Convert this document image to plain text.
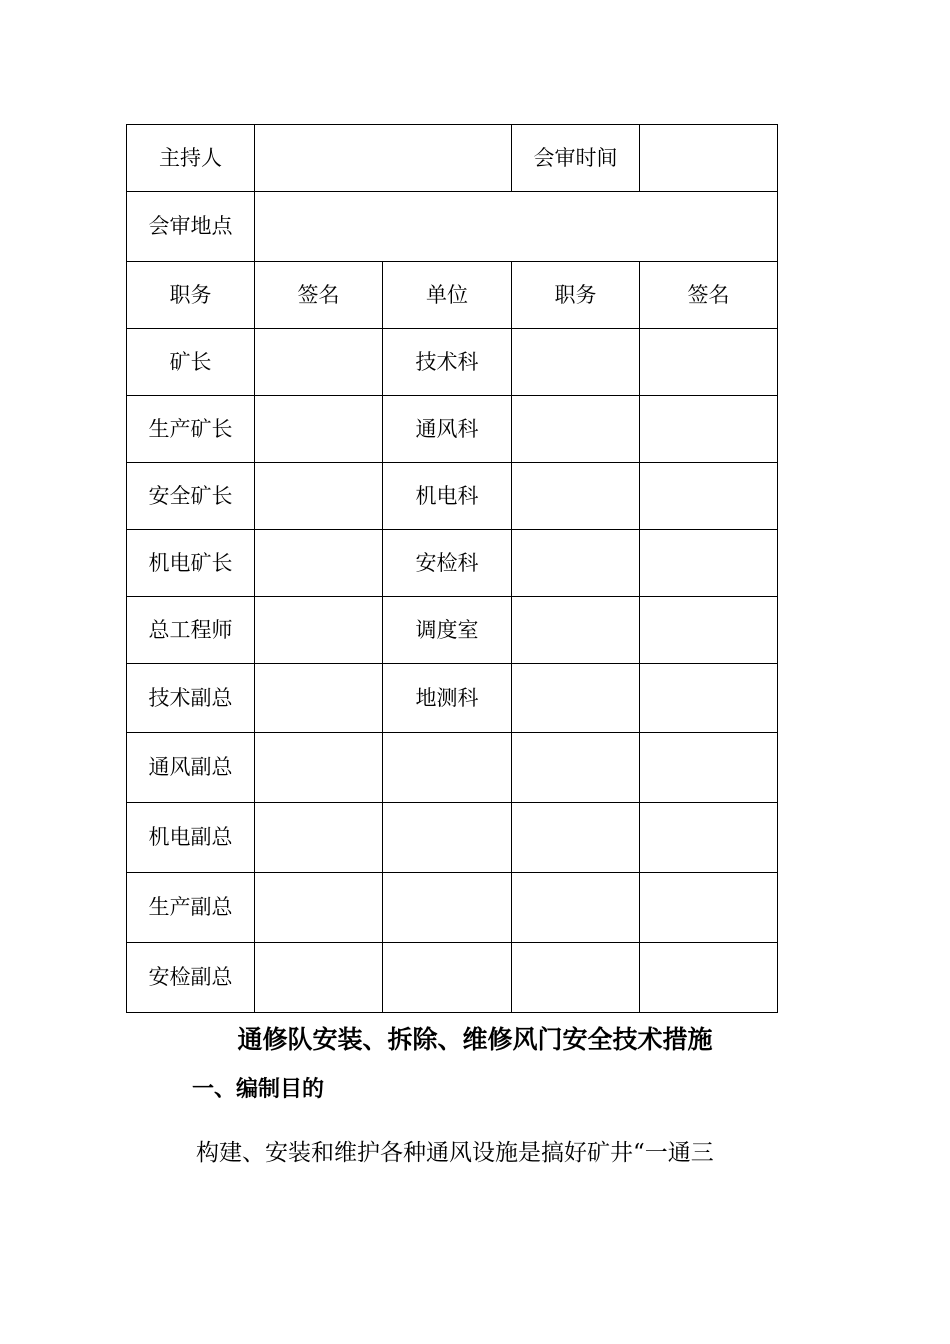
主持人			会审时间	
会审地点				
职务	签名	单位	职务	签名
矿长		技术科		
生产矿长		通风科		
安全矿长		机电科		
机电矿长		安检科		
总工程师		调度室		
技术副总		地测科		
通风副总				
机电副总				
生产副总				
安检副总				
通修队安装、拆除、维修风门安全技术措施
一、编制目的

构建、安装和维护各种通风设施是搞好矿井“一通三
